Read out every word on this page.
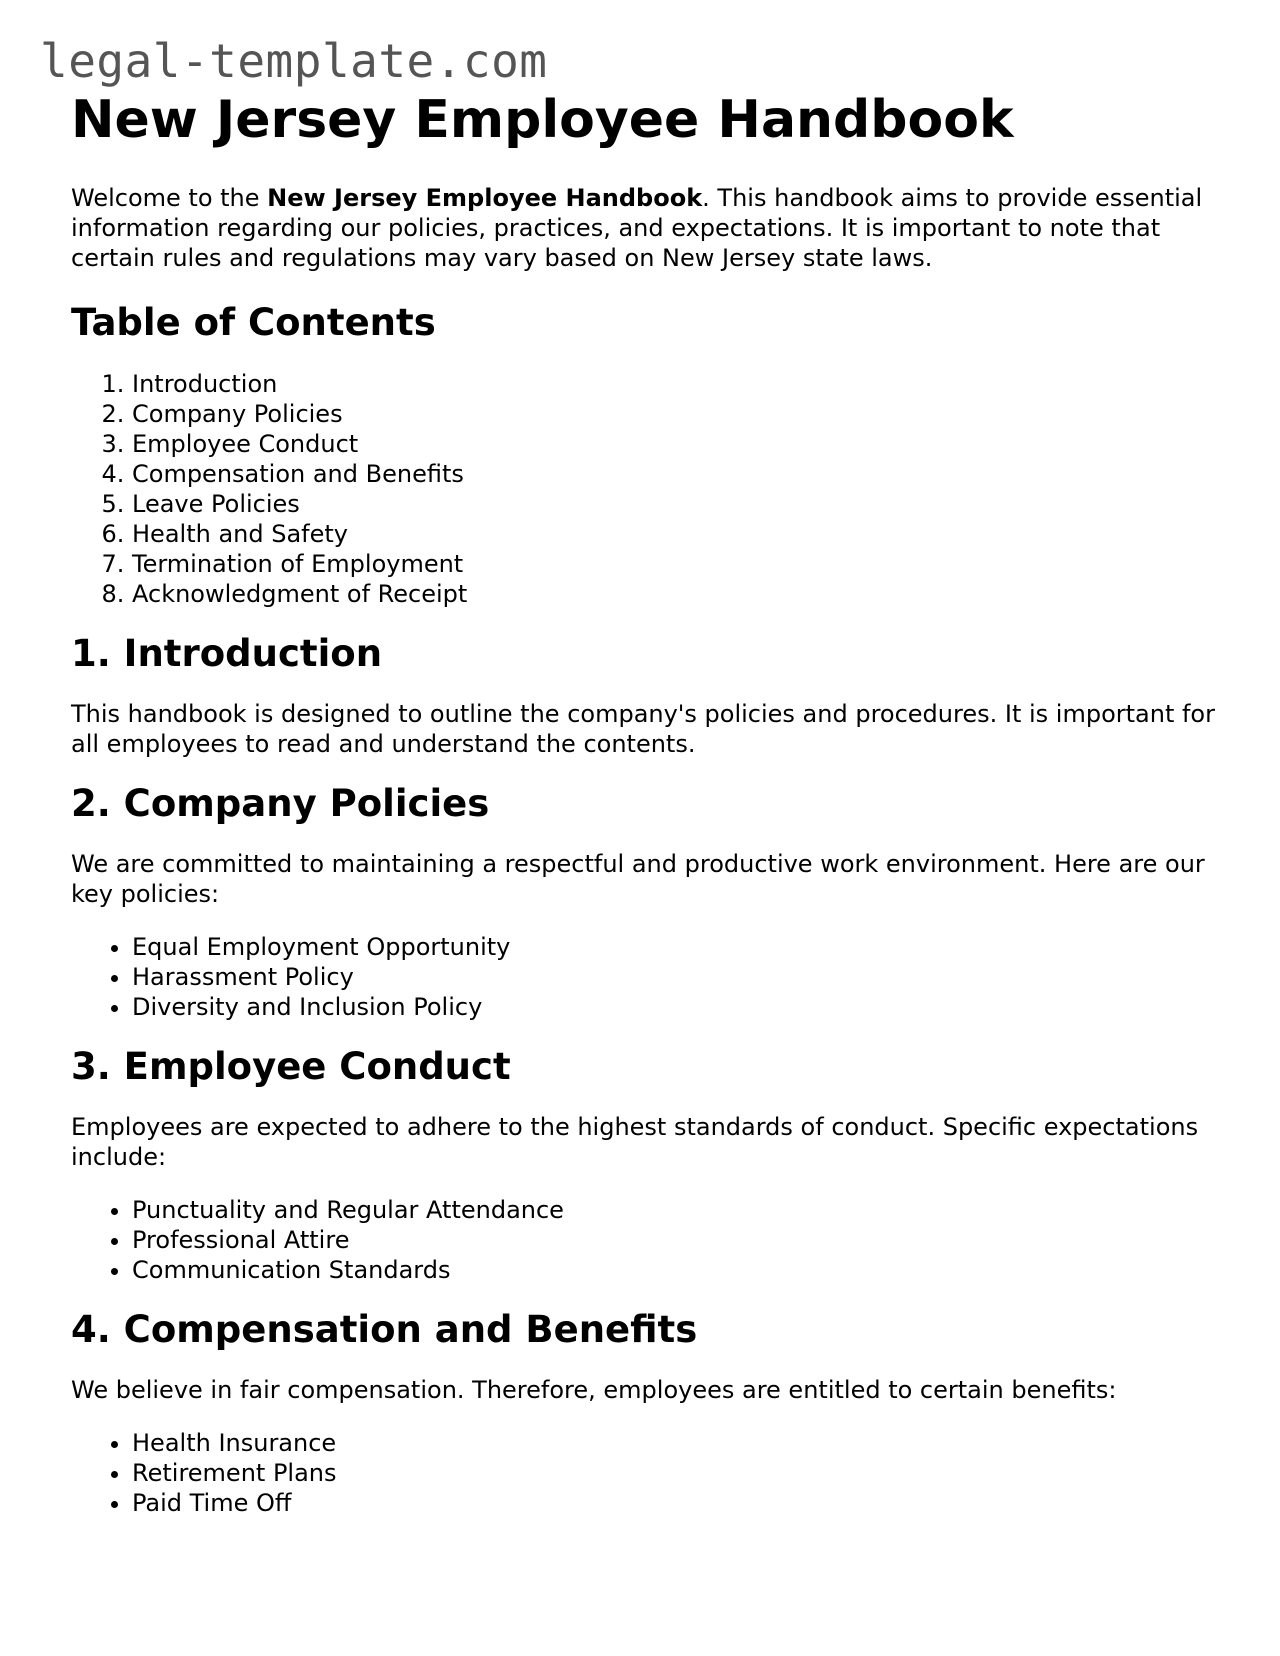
legal-template.com
New Jersey Employee Handbook

Welcome to the New Jersey Employee Handbook. This handbook aims to provide essential information regarding our policies, practices, and expectations. It is important to note that certain rules and regulations may vary based on New Jersey state laws.

Table of Contents
1. Introduction
2. Company Policies
3. Employee Conduct
4. Compensation and Benefits
5. Leave Policies
6. Health and Safety
7. Termination of Employment
8. Acknowledgment of Receipt
1. Introduction

This handbook is designed to outline the company's policies and procedures. It is important for all employees to read and understand the contents.

2. Company Policies

We are committed to maintaining a respectful and productive work environment. Here are our key policies:

• Equal Employment Opportunity
• Harassment Policy
• Diversity and Inclusion Policy
3. Employee Conduct

Employees are expected to adhere to the highest standards of conduct. Specific expectations include:

• Punctuality and Regular Attendance
• Professional Attire
• Communication Standards
4. Compensation and Benefits

We believe in fair compensation. Therefore, employees are entitled to certain benefits:

• Health Insurance
• Retirement Plans
• Paid Time Off
